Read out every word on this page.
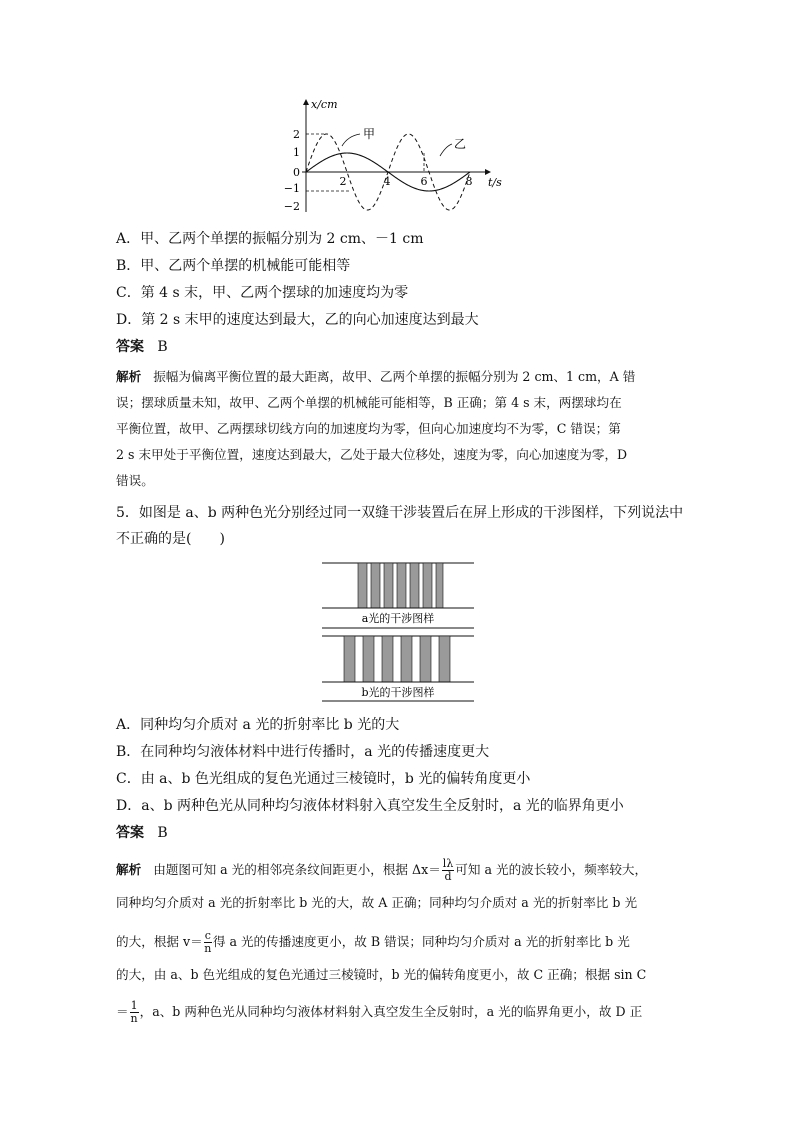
x/cm
t/s
2
1
0
−1
−2
2	4	6	8
甲
乙
A．甲、乙两个单摆的振幅分别为 2 cm、－1 cm
B．甲、乙两个单摆的机械能可能相等
C．第 4 s 末，甲、乙两个摆球的加速度均为零
D．第 2 s 末甲的速度达到最大，乙的向心加速度达到最大
答案 B
解析 振幅为偏离平衡位置的最大距离，故甲、乙两个单摆的振幅分别为 2 cm、1 cm，A 错
误；摆球质量未知，故甲、乙两个单摆的机械能可能相等，B 正确；第 4 s 末，两摆球均在
平衡位置，故甲、乙两摆球切线方向的加速度均为零，但向心加速度均不为零，C 错误；第
2 s 末甲处于平衡位置，速度达到最大，乙处于最大位移处，速度为零，向心加速度为零，D
错误。
5．如图是 a、b 两种色光分别经过同一双缝干涉装置后在屏上形成的干涉图样，下列说法中
不正确的是(　　)
a光的干涉图样
b光的干涉图样
A．同种均匀介质对 a 光的折射率比 b 光的大
B．在同种均匀液体材料中进行传播时，a 光的传播速度更大
C．由 a、b 色光组成的复色光通过三棱镜时，b 光的偏转角度更小
D．a、b 两种色光从同种均匀液体材料射入真空发生全反射时，a 光的临界角更小
答案 B
解析 由题图可知 a 光的相邻亮条纹间距更小，根据 $\Delta x= \frac{l\lambda}{d}$ 可知 a 光的波长较小，频率较大，
同种均匀介质对 a 光的折射率比 b 光的大，故 A 正确；同种均匀介质对 a 光的折射率比 b 光
的大，根据 $v= \frac{c}{n}$ 得 a 光的传播速度更小，故 B 错误；同种均匀介质对 a 光的折射率比 b 光
的大，由 a、b 色光组成的复色光通过三棱镜时，b 光的偏转角度更小，故 C 正确；根据 sin C
＝ $\frac{1}{n}$ ，a、b 两种色光从同种均匀液体材料射入真空发生全反射时，a 光的临界角更小，故 D 正
